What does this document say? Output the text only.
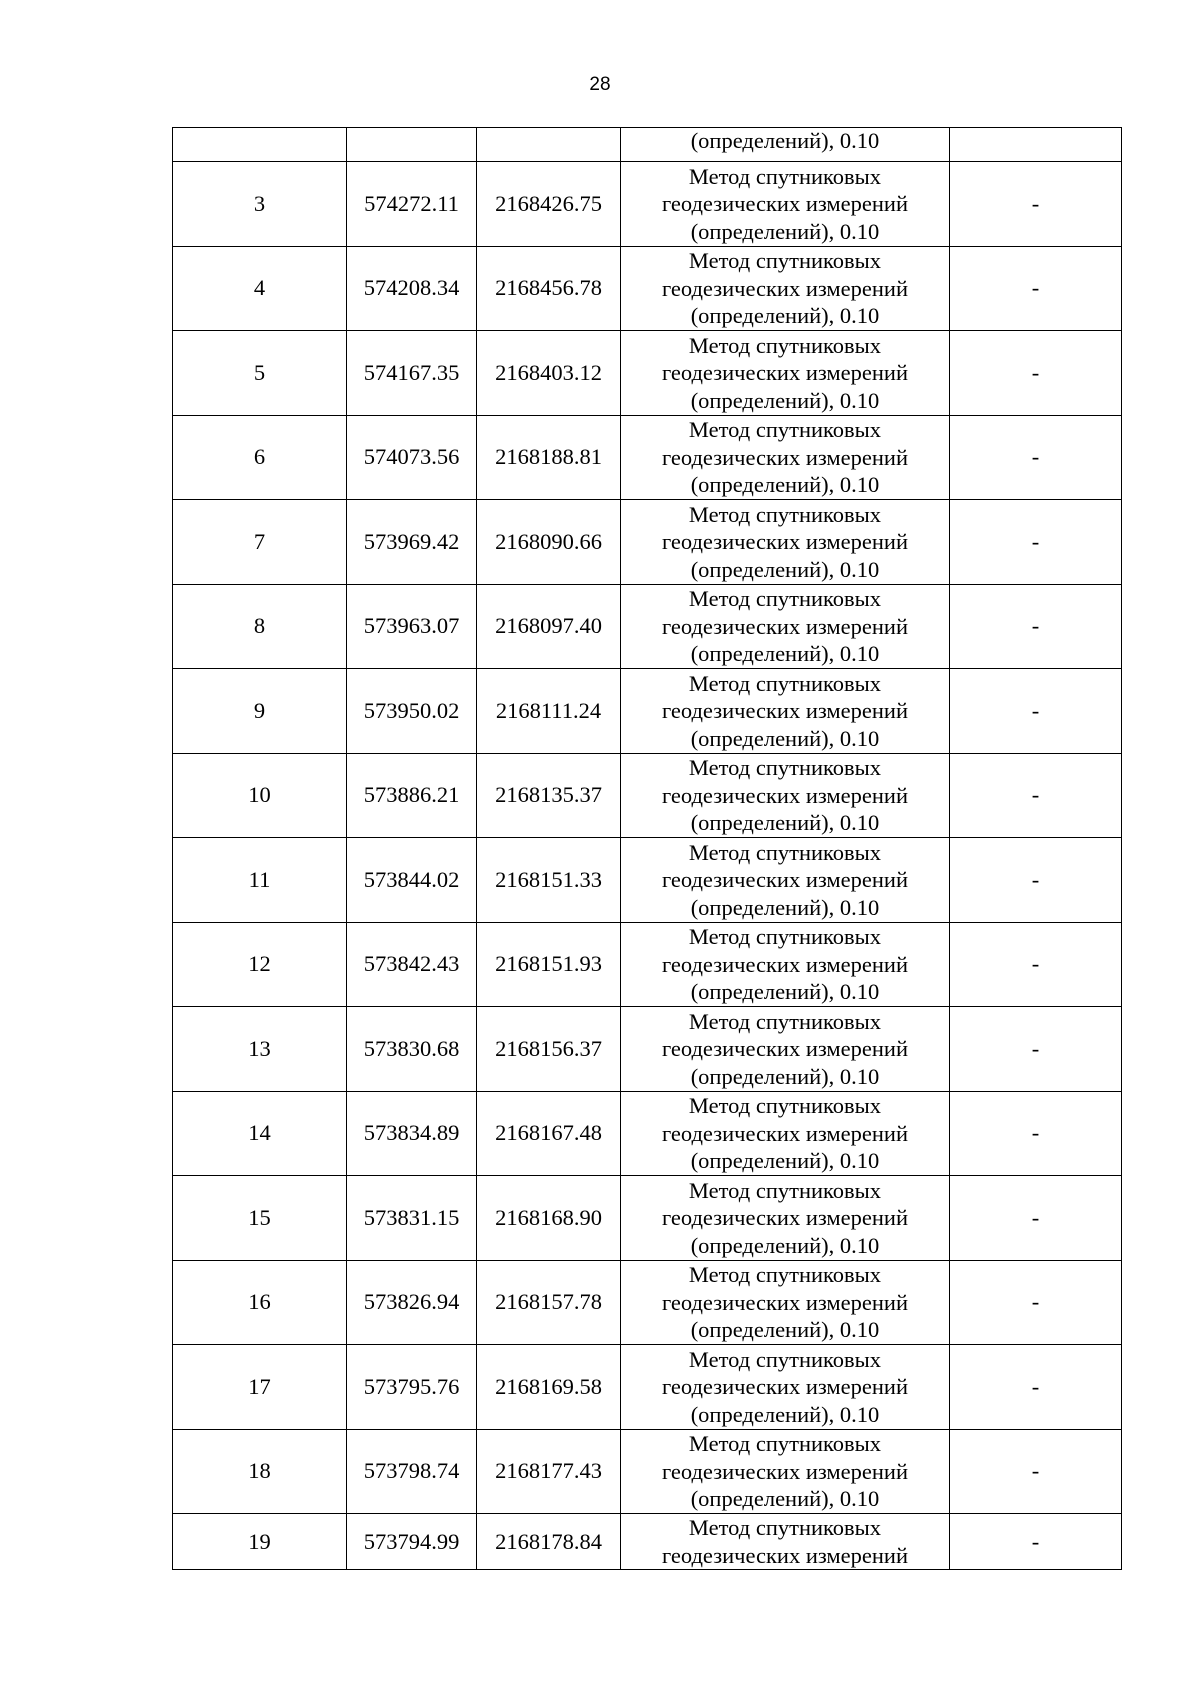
28

			(определений), 0.10	

3	574272.11	2168426.75	Метод спутниковых
геодезических измерений
(определений), 0.10	-
4	574208.34	2168456.78	Метод спутниковых
геодезических измерений
(определений), 0.10	-
5	574167.35	2168403.12	Метод спутниковых
геодезических измерений
(определений), 0.10	-
6	574073.56	2168188.81	Метод спутниковых
геодезических измерений
(определений), 0.10	-
7	573969.42	2168090.66	Метод спутниковых
геодезических измерений
(определений), 0.10	-
8	573963.07	2168097.40	Метод спутниковых
геодезических измерений
(определений), 0.10	-
9	573950.02	2168111.24	Метод спутниковых
геодезических измерений
(определений), 0.10	-
10	573886.21	2168135.37	Метод спутниковых
геодезических измерений
(определений), 0.10	-
11	573844.02	2168151.33	Метод спутниковых
геодезических измерений
(определений), 0.10	-
12	573842.43	2168151.93	Метод спутниковых
геодезических измерений
(определений), 0.10	-
13	573830.68	2168156.37	Метод спутниковых
геодезических измерений
(определений), 0.10	-
14	573834.89	2168167.48	Метод спутниковых
геодезических измерений
(определений), 0.10	-
15	573831.15	2168168.90	Метод спутниковых
геодезических измерений
(определений), 0.10	-
16	573826.94	2168157.78	Метод спутниковых
геодезических измерений
(определений), 0.10	-
17	573795.76	2168169.58	Метод спутниковых
геодезических измерений
(определений), 0.10	-
18	573798.74	2168177.43	Метод спутниковых
геодезических измерений
(определений), 0.10	-
19	573794.99	2168178.84	Метод спутниковых
геодезических измерений	-
